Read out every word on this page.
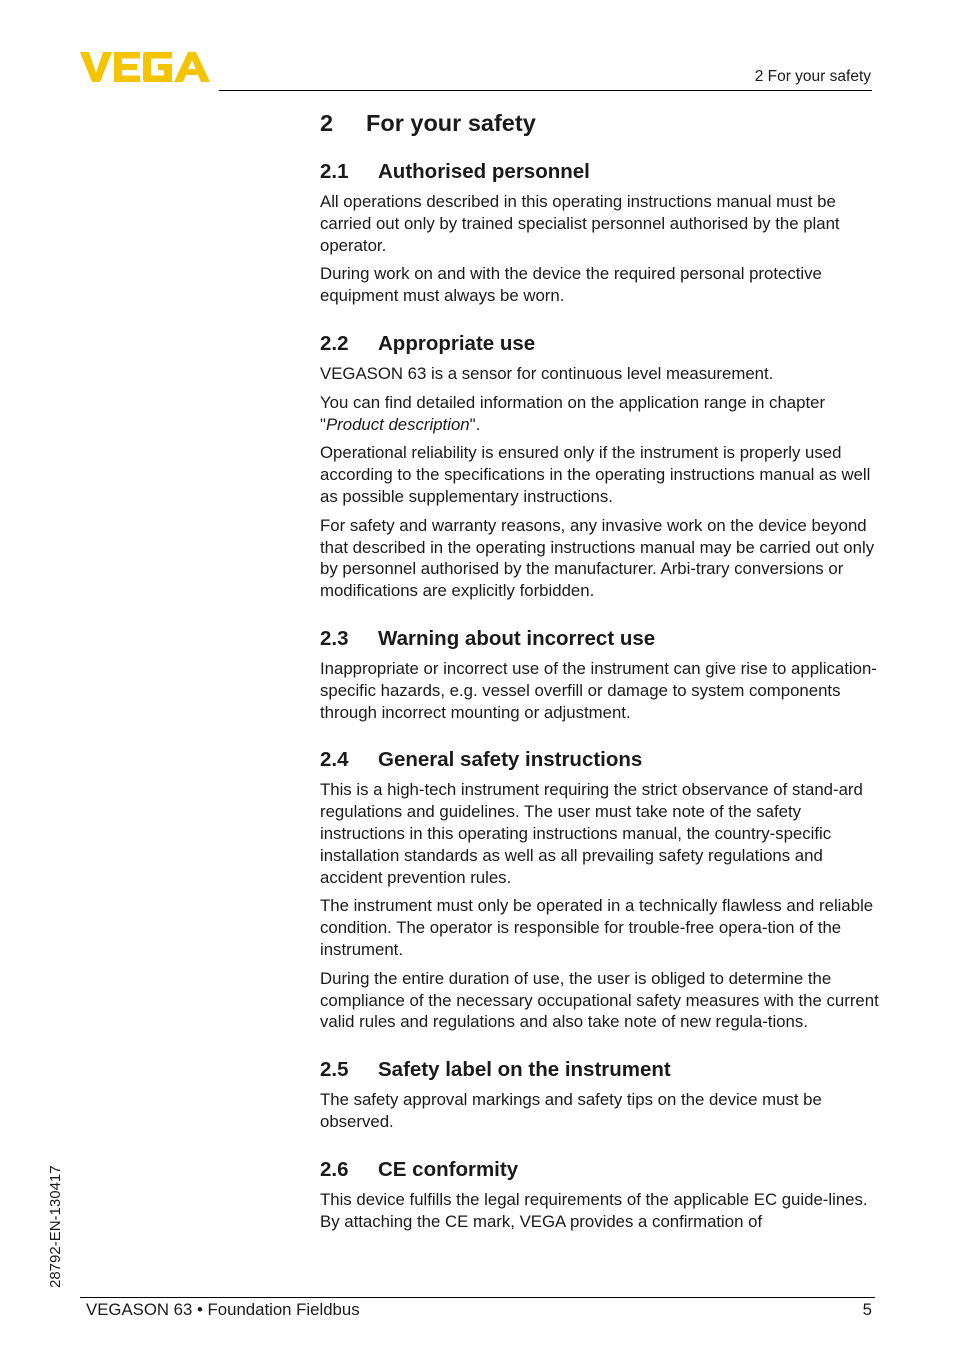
2 For your safety
2	For your safety
2.1	Authorised personnel

All operations described in this operating instructions manual must be carried out only by trained specialist personnel authorised by the plant operator.

During work on and with the device the required personal protective equipment must always be worn.

2.2	Appropriate use

VEGASON 63 is a sensor for continuous level measurement.

You can find detailed information on the application range in chapter "Product description".

Operational reliability is ensured only if the instrument is properly used according to the specifications in the operating instructions manual as well as possible supplementary instructions.

For safety and warranty reasons, any invasive work on the device beyond that described in the operating instructions manual may be carried out only by personnel authorised by the manufacturer. Arbi-trary conversions or modifications are explicitly forbidden.

2.3	Warning about incorrect use

Inappropriate or incorrect use of the instrument can give rise to application-specific hazards, e.g. vessel overfill or damage to system components through incorrect mounting or adjustment.

2.4	General safety instructions

This is a high-tech instrument requiring the strict observance of stand-ard regulations and guidelines. The user must take note of the safety instructions in this operating instructions manual, the country-specific installation standards as well as all prevailing safety regulations and accident prevention rules.

The instrument must only be operated in a technically flawless and reliable condition. The operator is responsible for trouble-free opera-tion of the instrument.

During the entire duration of use, the user is obliged to determine the compliance of the necessary occupational safety measures with the current valid rules and regulations and also take note of new regula-tions.

2.5	Safety label on the instrument

The safety approval markings and safety tips on the device must be observed.

2.6	CE conformity

This device fulfills the legal requirements of the applicable EC guide-lines. By attaching the CE mark, VEGA provides a confirmation of

28792-EN-130417
VEGASON 63 • Foundation Fieldbus	5
